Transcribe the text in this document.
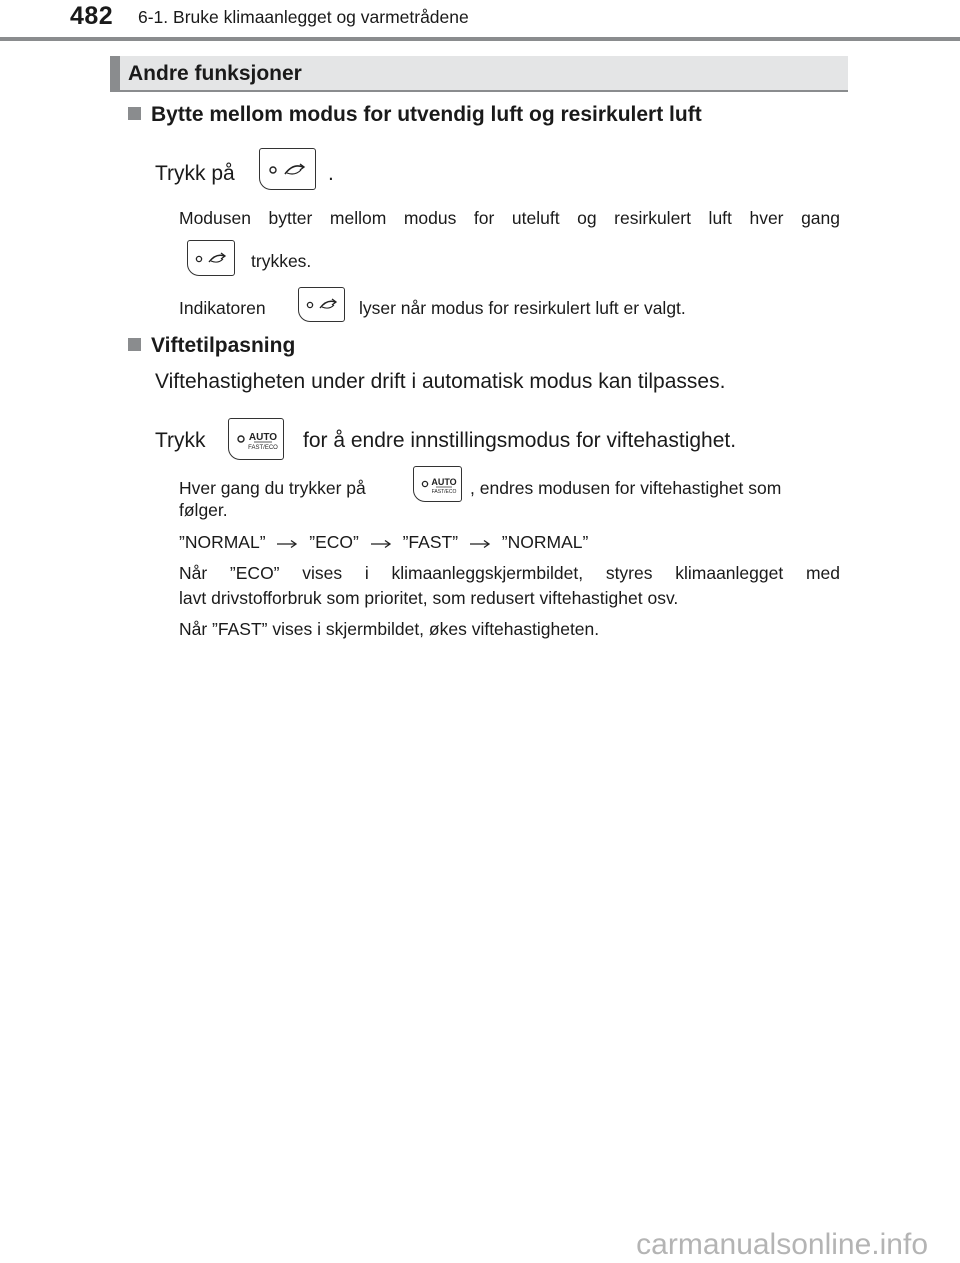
482 6-1. Bruke klimaanlegget og varmetrådene
Andre funksjoner
Bytte mellom modus for utvendig luft og resirkulert luft
Trykk på	.
Modusen bytter mellom modus for uteluft og resirkulert luft hver gang
trykkes.
Indikatoren	lyser når modus for resirkulert luft er valgt.
Viftetilpasning
Viftehastigheten under drift i automatisk modus kan tilpasses.
Trykk	AUTO
FAST/ECO for å endre innstillingsmodus for viftehastighet.
Hver gang du trykker på	AUTO
FAST/ECO , endres modusen for viftehastighet som
følger.
”NORMAL”	”ECO”	”FAST”	”NORMAL”
Når ”ECO” vises i klimaanleggskjermbildet, styres klimaanlegget med
lavt drivstofforbruk som prioritet, som redusert viftehastighet osv.
Når ”FAST” vises i skjermbildet, økes viftehastigheten.
carmanualsonline.info
